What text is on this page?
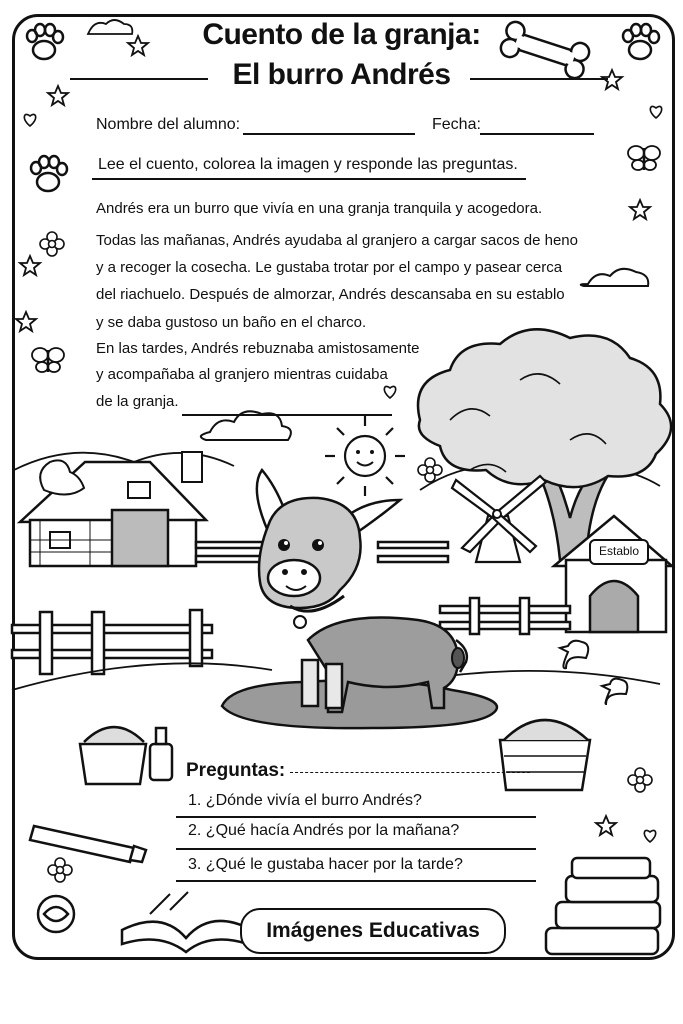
Cuento de la granja:
El burro Andrés
Nombre del alumno:	Fecha:
Lee el cuento, colorea la imagen y responde las preguntas.
Andrés era un burro que vivía en una granja tranquila y acogedora.
Todas las mañanas, Andrés ayudaba al granjero a cargar sacos de heno
y a recoger la cosecha. Le gustaba trotar por el campo y pasear cerca
del riachuelo. Después de almorzar, Andrés descansaba en su establo
y se daba gustoso un baño en el charco.
En las tardes, Andrés rebuznaba amistosamente
y acompañaba al granjero mientras cuidaba
de la granja.
Establo
Preguntas:
1. ¿Dónde vivía el burro Andrés?
2. ¿Qué hacía Andrés por la mañana?
3. ¿Qué le gustaba hacer por la tarde?
Imágenes Educativas
